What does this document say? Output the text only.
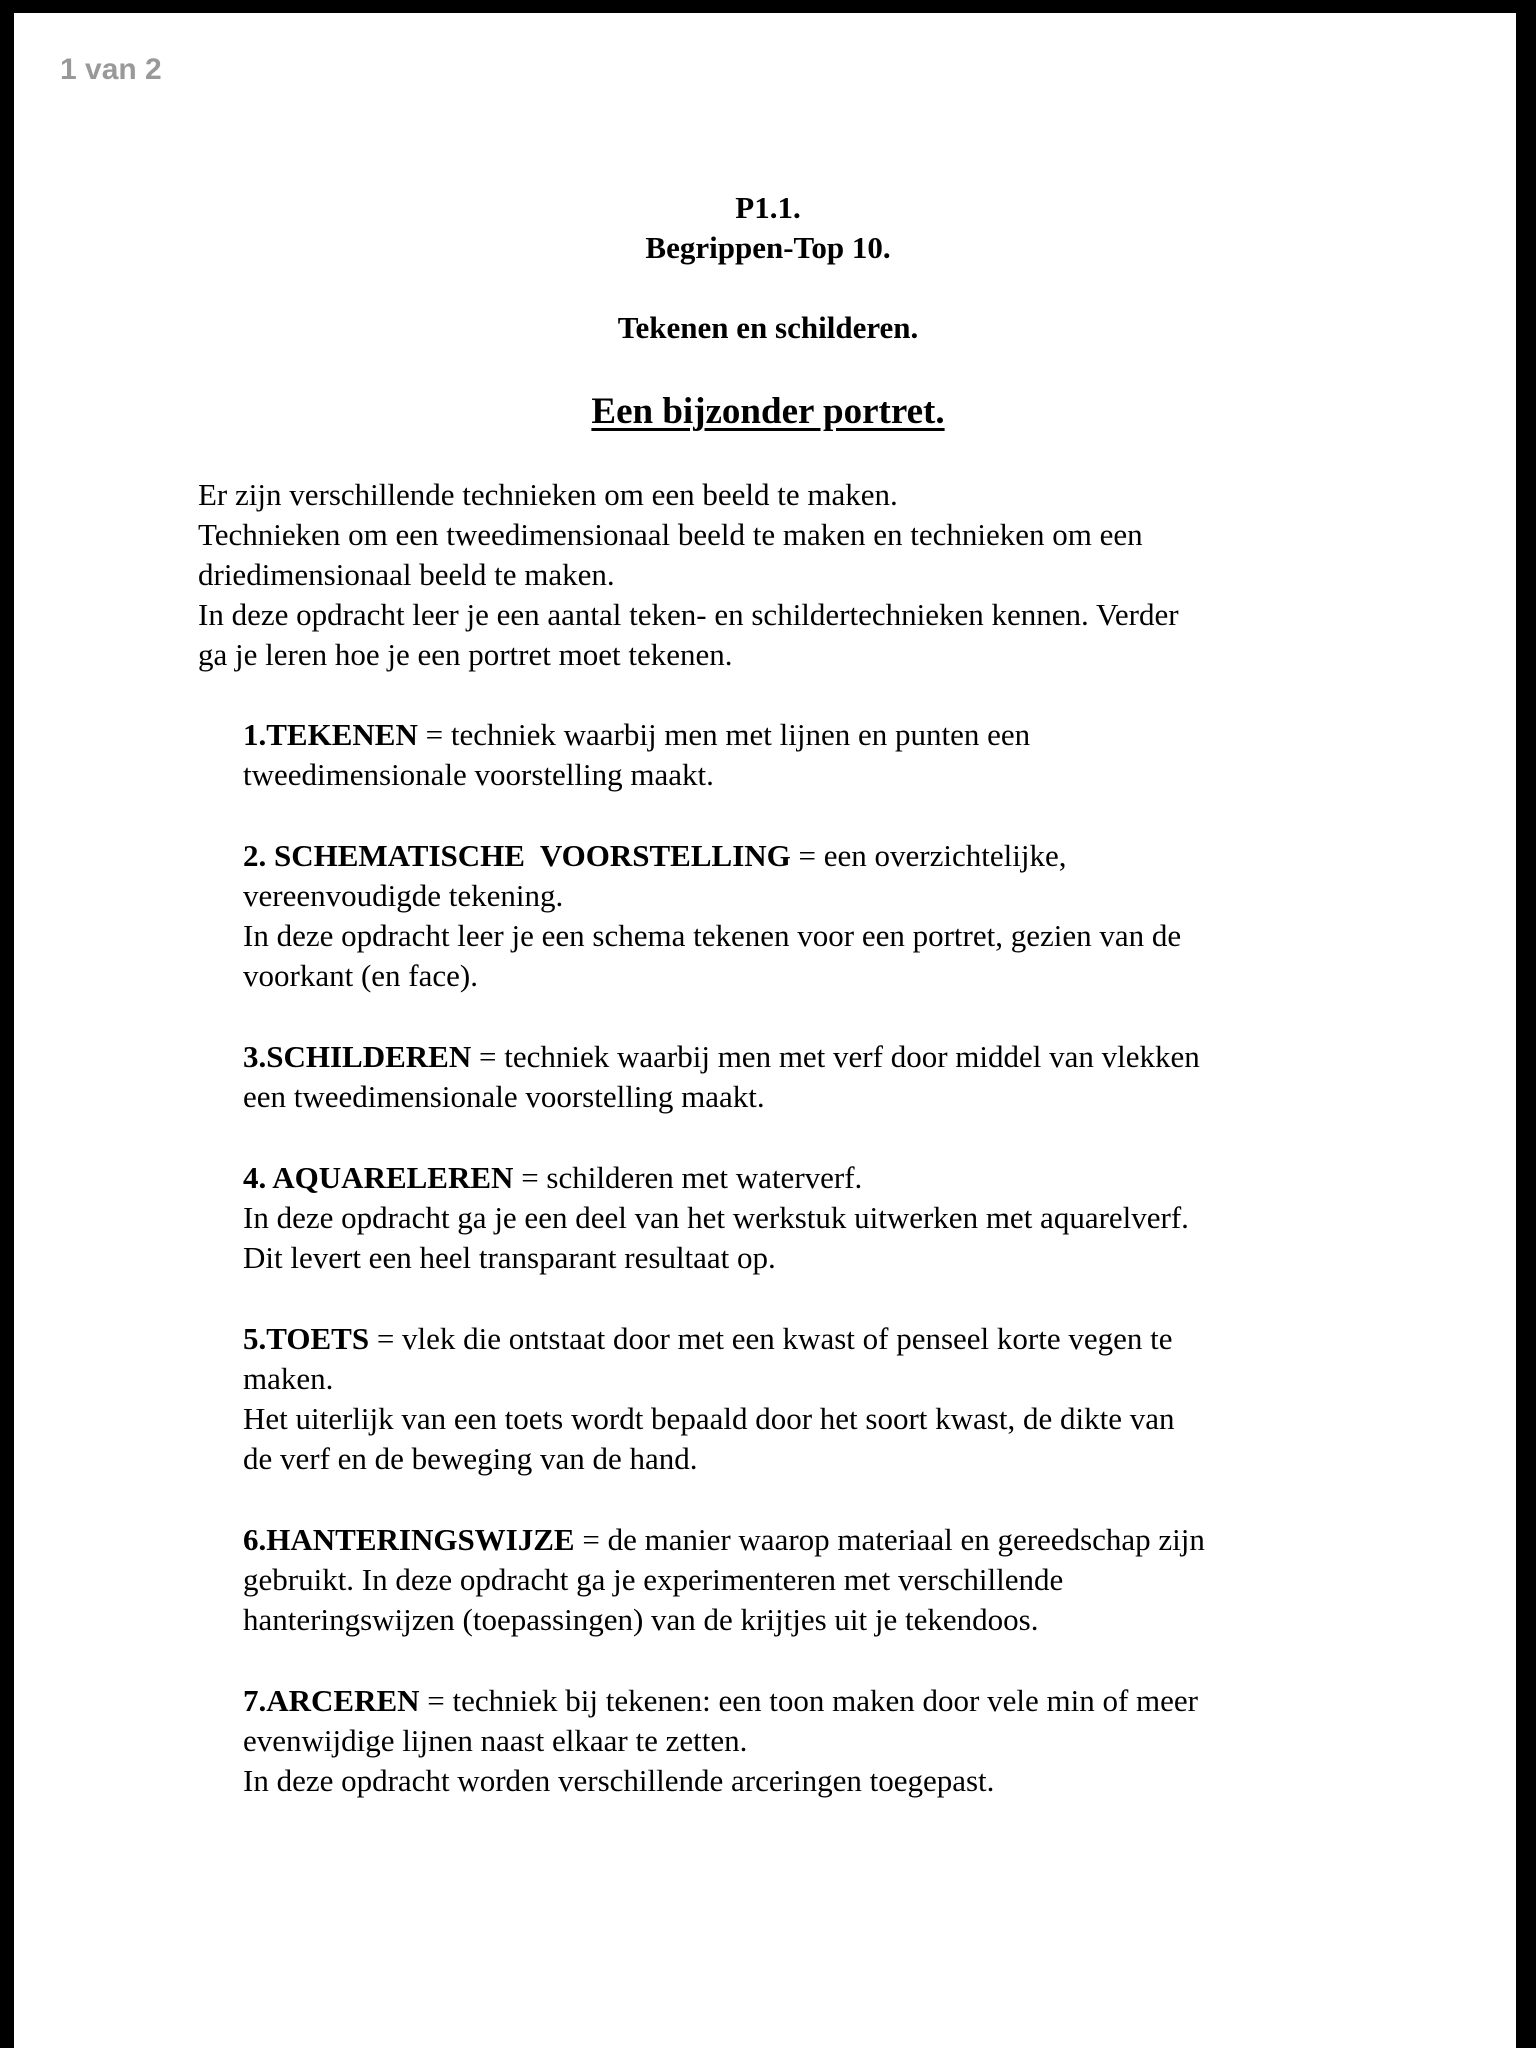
1 van 2
P1.1.
Begrippen-Top 10.
Tekenen en schilderen.
Een bijzonder portret.
Er zijn verschillende technieken om een beeld te maken.
Technieken om een tweedimensionaal beeld te maken en technieken om een
driedimensionaal beeld te maken.
In deze opdracht leer je een aantal teken- en schildertechnieken kennen. Verder
ga je leren hoe je een portret moet tekenen.
1.TEKENEN = techniek waarbij men met lijnen en punten een
tweedimensionale voorstelling maakt.
2. SCHEMATISCHE  VOORSTELLING = een overzichtelijke,
vereenvoudigde tekening.
In deze opdracht leer je een schema tekenen voor een portret, gezien van de
voorkant (en face).
3.SCHILDEREN = techniek waarbij men met verf door middel van vlekken
een tweedimensionale voorstelling maakt.
4. AQUARELEREN = schilderen met waterverf.
In deze opdracht ga je een deel van het werkstuk uitwerken met aquarelverf.
Dit levert een heel transparant resultaat op.
5.TOETS = vlek die ontstaat door met een kwast of penseel korte vegen te
maken.
Het uiterlijk van een toets wordt bepaald door het soort kwast, de dikte van
de verf en de beweging van de hand.
6.HANTERINGSWIJZE = de manier waarop materiaal en gereedschap zijn
gebruikt. In deze opdracht ga je experimenteren met verschillende
hanteringswijzen (toepassingen) van de krijtjes uit je tekendoos.
7.ARCEREN = techniek bij tekenen: een toon maken door vele min of meer
evenwijdige lijnen naast elkaar te zetten.
In deze opdracht worden verschillende arceringen toegepast.
